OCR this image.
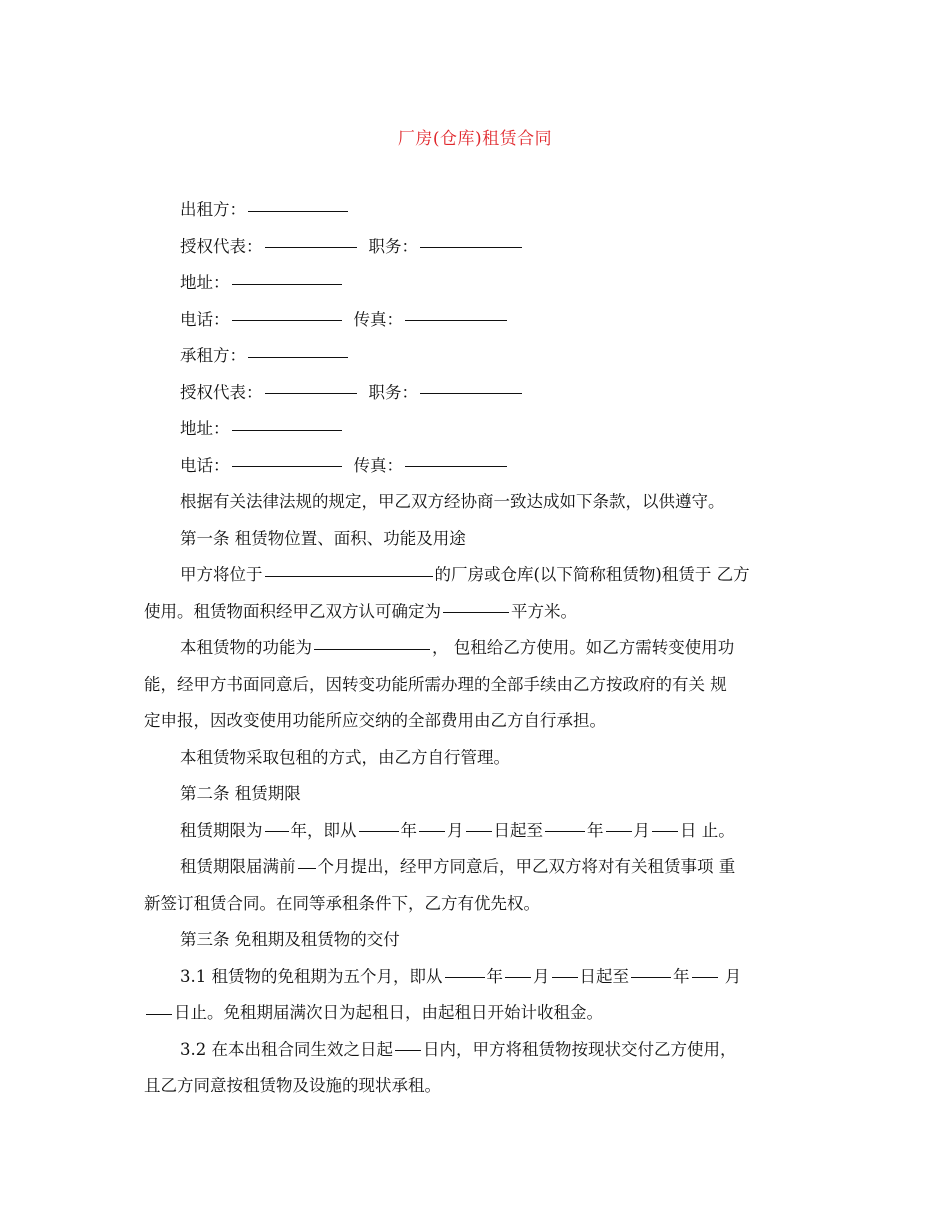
厂房(仓库)租赁合同
出租方：
授权代表：	职务：
地址：
电话：	传真：
承租方：
授权代表：	职务：
地址：
电话：	传真：
根据有关法律法规的规定，甲乙双方经协商一致达成如下条款，以供遵守。
第一条 租赁物位置、面积、功能及用途
甲方将位于	的厂房或仓库(以下简称租赁物)租赁于 乙方
使用。租赁物面积经甲乙双方认可确定为	平方米。
本租赁物的功能为	， 包租给乙方使用。如乙方需转变使用功
能，经甲方书面同意后，因转变功能所需办理的全部手续由乙方按政府的有关 规
定申报，因改变使用功能所应交纳的全部费用由乙方自行承担。
本租赁物采取包租的方式，由乙方自行管理。
第二条 租赁期限
租赁期限为 年，即从	年 月 日起至	年 月 日 止。
租赁期限届满前 个月提出，经甲方同意后，甲乙双方将对有关租赁事项 重
新签订租赁合同。在同等承租条件下，乙方有优先权。
第三条 免租期及租赁物的交付
3.1 租赁物的免租期为五个月，即从	年 月 日起至	年 月
日止。免租期届满次日为起租日，由起租日开始计收租金。
3.2 在本出租合同生效之日起 日内，甲方将租赁物按现状交付乙方使用，
且乙方同意按租赁物及设施的现状承租。
